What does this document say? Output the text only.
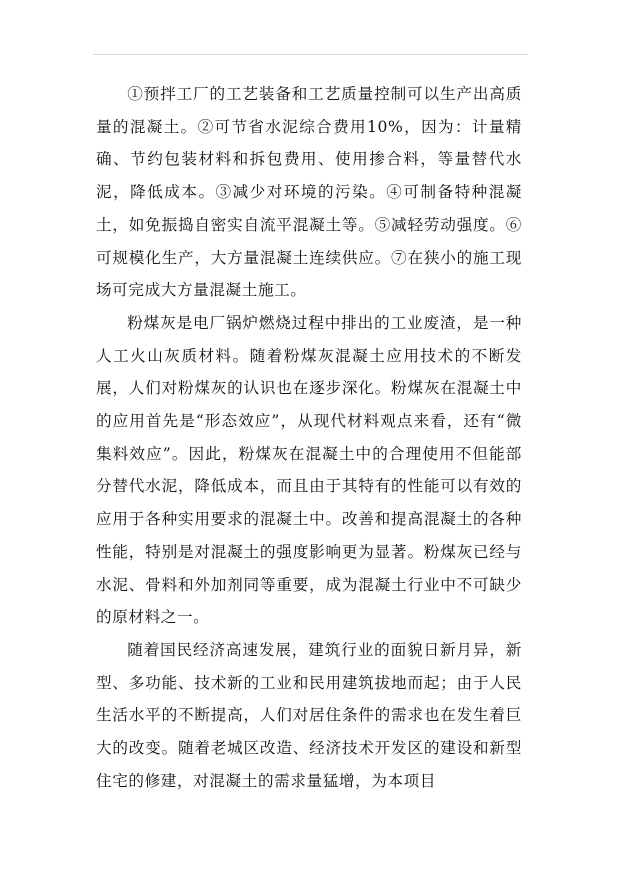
①预拌工厂的工艺装备和工艺质量控制可以生产出高质量的混凝土。②可节省水泥综合费用10%，因为：计量精确、节约包装材料和拆包费用、使用掺合料，等量替代水泥，降低成本。③减少对环境的污染。④可制备特种混凝土，如免振捣自密实自流平混凝土等。⑤减轻劳动强度。⑥可规模化生产，大方量混凝土连续供应。⑦在狭小的施工现场可完成大方量混凝土施工。

粉煤灰是电厂锅炉燃烧过程中排出的工业废渣，是一种人工火山灰质材料。随着粉煤灰混凝土应用技术的不断发展，人们对粉煤灰的认识也在逐步深化。粉煤灰在混凝土中的应用首先是“形态效应”，从现代材料观点来看，还有“微集料效应”。因此，粉煤灰在混凝土中的合理使用不但能部分替代水泥，降低成本，而且由于其特有的性能可以有效的应用于各种实用要求的混凝土中。改善和提高混凝土的各种性能，特别是对混凝土的强度影响更为显著。粉煤灰已经与水泥、骨料和外加剂同等重要，成为混凝土行业中不可缺少的原材料之一。

随着国民经济高速发展，建筑行业的面貌日新月异，新型、多功能、技术新的工业和民用建筑拔地而起；由于人民生活水平的不断提高，人们对居住条件的需求也在发生着巨大的改变。随着老城区改造、经济技术开发区的建设和新型住宅的修建，对混凝土的需求量猛增，为本项目
